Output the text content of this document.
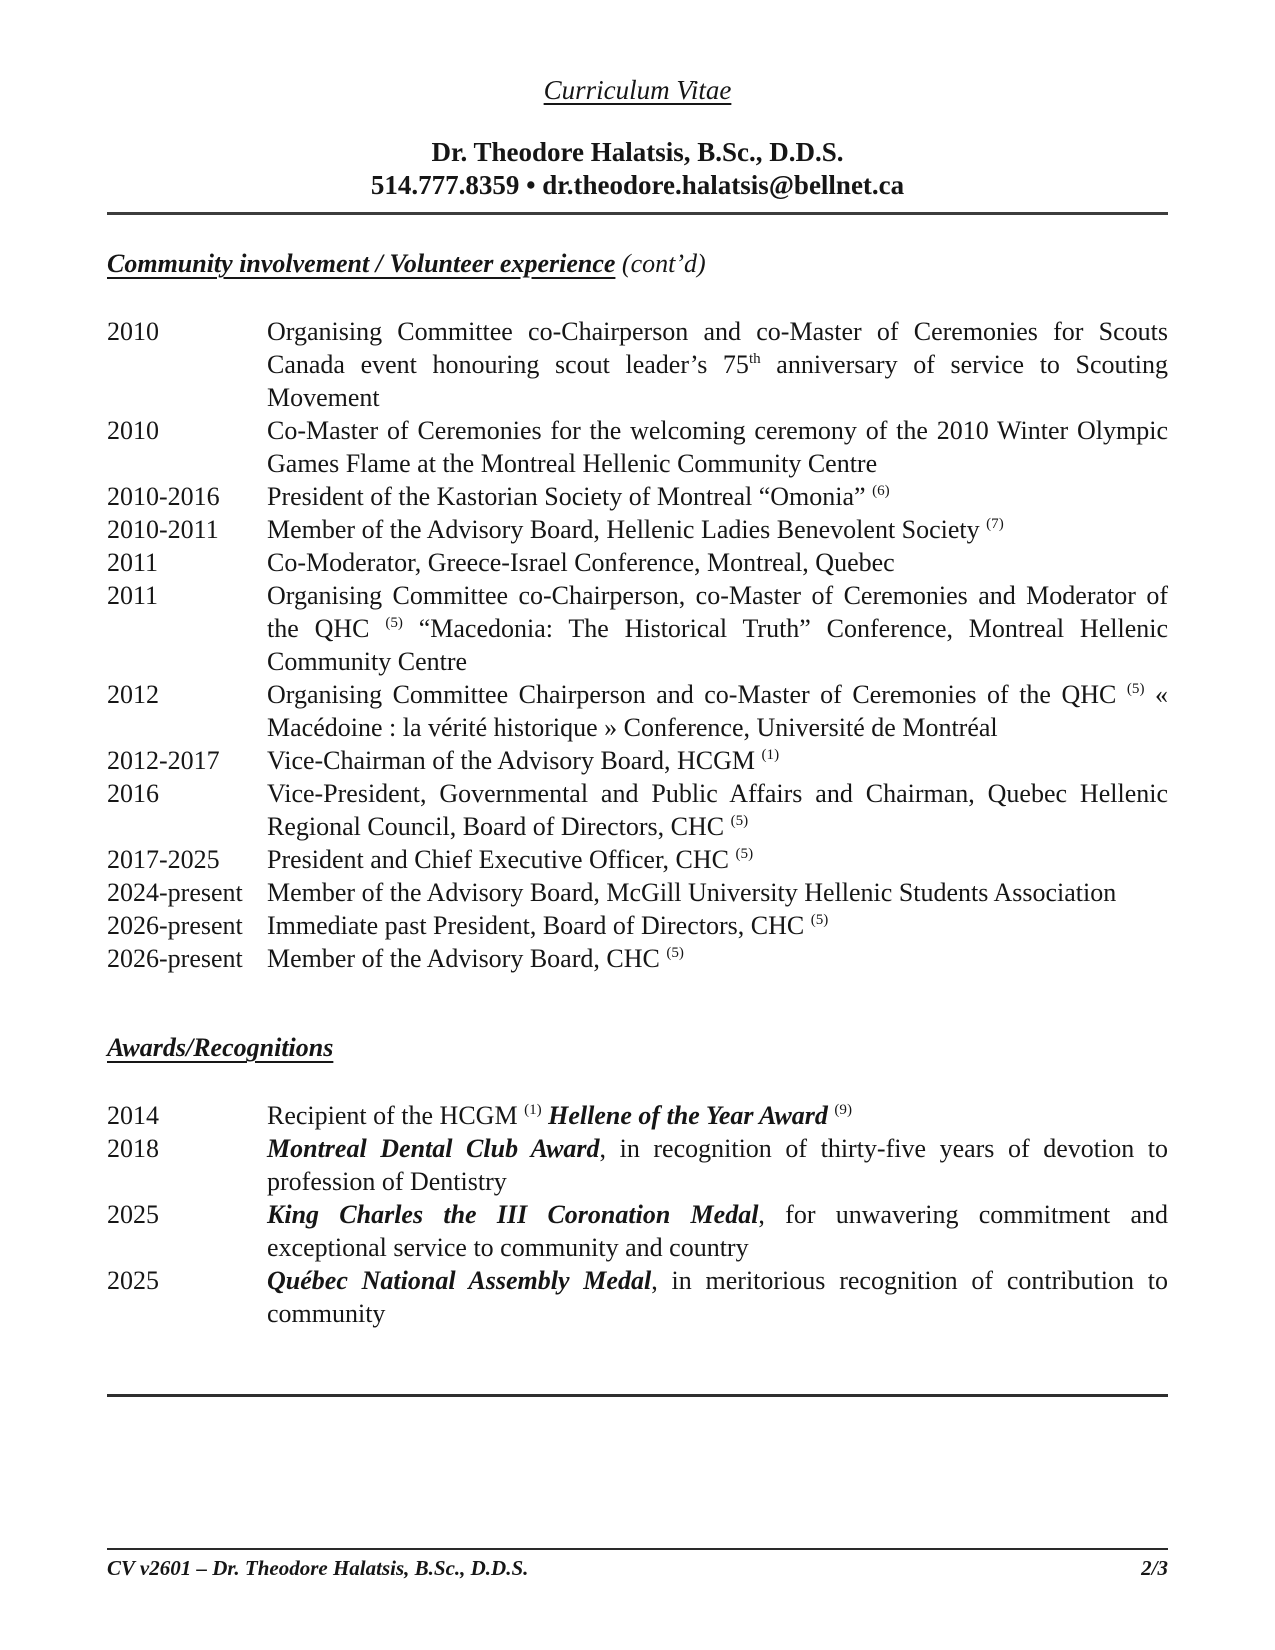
Curriculum Vitae
Dr. Theodore Halatsis, B.Sc., D.D.S.
514.777.8359 • dr.theodore.halatsis@bellnet.ca
Community involvement / Volunteer experience (cont’d)
2010	Organising Committee co-Chairperson and co-Master of Ceremonies for Scouts Canada event honouring scout leader’s 75th anniversary of service to Scouting Movement
2010	Co-Master of Ceremonies for the welcoming ceremony of the 2010 Winter Olympic Games Flame at the Montreal Hellenic Community Centre
2010-2016	President of the Kastorian Society of Montreal “Omonia” $^{(6)}$
2010-2011	Member of the Advisory Board, Hellenic Ladies Benevolent Society $^{(7)}$
2011	Co-Moderator, Greece-Israel Conference, Montreal, Quebec
2011	Organising Committee co-Chairperson, co-Master of Ceremonies and Moderator of the QHC $^{(5)}$ “Macedonia: The Historical Truth” Conference, Montreal Hellenic Community Centre
2012	Organising Committee Chairperson and co-Master of Ceremonies of the QHC $^{(5)}$ « Macédoine : la vérité historique » Conference, Université de Montréal
2012-2017	Vice-Chairman of the Advisory Board, HCGM $^{(1)}$
2016	Vice-President, Governmental and Public Affairs and Chairman, Quebec Hellenic Regional Council, Board of Directors, CHC $^{(5)}$
2017-2025	President and Chief Executive Officer, CHC $^{(5)}$
2024-present Member of the Advisory Board, McGill University Hellenic Students Association
2026-present Immediate past President, Board of Directors, CHC $^{(5)}$
2026-present Member of the Advisory Board, CHC $^{(5)}$
Awards/Recognitions
2014	Recipient of the HCGM $^{(1)}$ Hellene of the Year Award $^{(9)}$
2018	Montreal Dental Club Award, in recognition of thirty-five years of devotion to profession of Dentistry
2025	King Charles the III Coronation Medal, for unwavering commitment and exceptional service to community and country
2025	Québec National Assembly Medal, in meritorious recognition of contribution to community
CV v2601 – Dr. Theodore Halatsis, B.Sc., D.D.S.	2/3
